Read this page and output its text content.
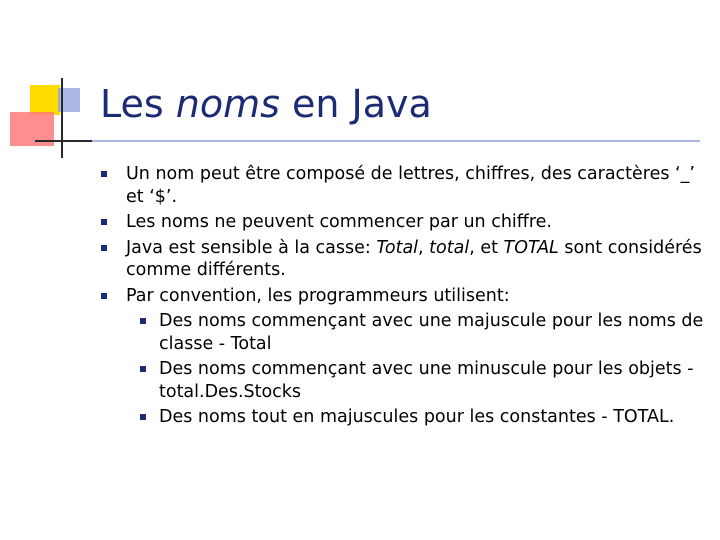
Les noms en Java
Un nom peut être composé de lettres, chiffres, des caractères ‘_’ et ‘$’.
Les noms ne peuvent commencer par un chiffre.
Java est sensible à la casse: Total, total, et TOTAL sont considérés comme différents.
Par convention, les programmeurs utilisent:
Des noms commençant avec une majuscule pour les noms de classe - Total
Des noms commençant avec une minuscule pour les objets - total.Des.Stocks
Des noms tout en majuscules pour les constantes - TOTAL.
